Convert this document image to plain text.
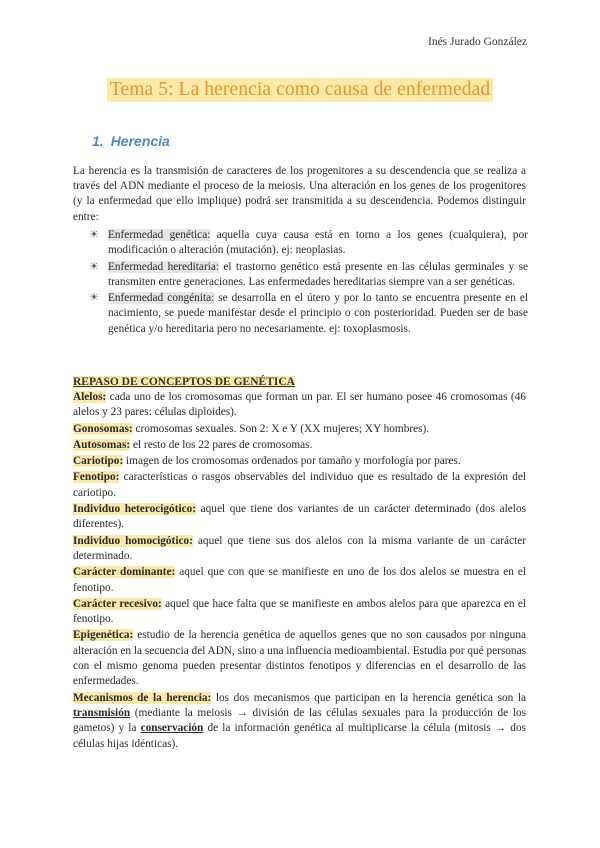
Inés Jurado González
Tema 5: La herencia como causa de enfermedad
1. Herencia
La herencia es la transmisión de caracteres de los progenitores a su descendencia que se realiza a través del ADN mediante el proceso de la meiosis. Una alteración en los genes de los progenitores (y la enfermedad que ello implique) podrá ser transmitida a su descendencia. Podemos distinguir entre:
☀ Enfermedad genética: aquella cuya causa está en torno a los genes (cualquiera), por modificación o alteración (mutación). ej: neoplasias.
☀ Enfermedad hereditaria: el trastorno genético está presente en las células germinales y se transmiten entre generaciones. Las enfermedades hereditarias siempre van a ser genéticas.
☀ Enfermedad congénita: se desarrolla en el útero y por lo tanto se encuentra presente en el nacimiento, se puede manifestar desde el principio o con posterioridad. Pueden ser de base genética y/o hereditaria pero no necesariamente. ej: toxoplasmosis.
REPASO DE CONCEPTOS DE GENÉTICA
Alelos: cada uno de los cromosomas que forman un par. El ser humano posee 46 cromosomas (46 alelos y 23 pares: células diploides).
Gonosomas: cromosomas sexuales. Son 2: X e Y (XX mujeres; XY hombres).
Autosomas: el resto de los 22 pares de cromosomas.
Cariotipo: imagen de los cromosomas ordenados por tamaño y morfología por pares.
Fenotipo: características o rasgos observables del individuo que es resultado de la expresión del cariotipo.
Individuo heterocigótico: aquel que tiene dos variantes de un carácter determinado (dos alelos diferentes).
Individuo homocigótico: aquel que tiene sus dos alelos con la misma variante de un carácter determinado.
Carácter dominante: aquel que con que se manifieste en uno de los dos alelos se muestra en el fenotipo.
Carácter recesivo: aquel que hace falta que se manifieste en ambos alelos para que aparezca en el fenotipo.
Epigenética: estudio de la herencia genética de aquellos genes que no son causados por ninguna alteración en la secuencia del ADN, sino a una influencia medioambiental. Estudia por qué personas con el mismo genoma pueden presentar distintos fenotipos y diferencias en el desarrollo de las enfermedades.
Mecanismos de la herencia: los dos mecanismos que participan en la herencia genética son la transmisión (mediante la meiosis → división de las células sexuales para la producción de los gametos) y la conservación de la información genética al multiplicarse la célula (mitosis → dos células hijas idénticas).
